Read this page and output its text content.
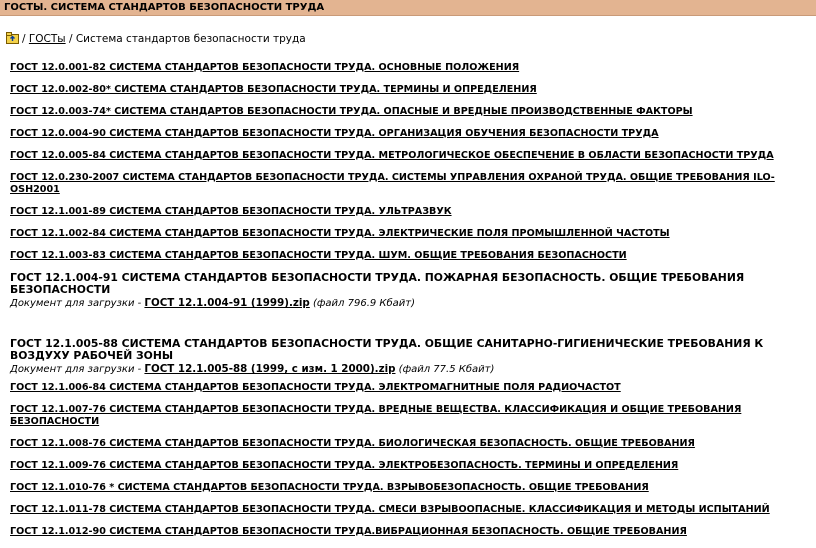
ГОСТЫ. СИСТЕМА СТАНДАРТОВ БЕЗОПАСНОСТИ ТРУДА
/ ГОСТы / Система стандартов безопасности труда
ГОСТ 12.0.001-82 СИСТЕМА СТАНДАРТОВ БЕЗОПАСНОСТИ ТРУДА. ОСНОВНЫЕ ПОЛОЖЕНИЯ
ГОСТ 12.0.002-80* СИСТЕМА СТАНДАРТОВ БЕЗОПАСНОСТИ ТРУДА. ТЕРМИНЫ И ОПРЕДЕЛЕНИЯ
ГОСТ 12.0.003-74* СИСТЕМА СТАНДАРТОВ БЕЗОПАСНОСТИ ТРУДА. ОПАСНЫЕ И ВРЕДНЫЕ ПРОИЗВОДСТВЕННЫЕ ФАКТОРЫ
ГОСТ 12.0.004-90 СИСТЕМА СТАНДАРТОВ БЕЗОПАСНОСТИ ТРУДА. ОРГАНИЗАЦИЯ ОБУЧЕНИЯ БЕЗОПАСНОСТИ ТРУДА
ГОСТ 12.0.005-84 СИСТЕМА СТАНДАРТОВ БЕЗОПАСНОСТИ ТРУДА. МЕТРОЛОГИЧЕСКОЕ ОБЕСПЕЧЕНИЕ В ОБЛАСТИ БЕЗОПАСНОСТИ ТРУДА
ГОСТ 12.0.230-2007 СИСТЕМА СТАНДАРТОВ БЕЗОПАСНОСТИ ТРУДА. СИСТЕМЫ УПРАВЛЕНИЯ ОХРАНОЙ ТРУДА. ОБЩИЕ ТРЕБОВАНИЯ ILO-OSH2001
ГОСТ 12.1.001-89 СИСТЕМА СТАНДАРТОВ БЕЗОПАСНОСТИ ТРУДА. УЛЬТРАЗВУК
ГОСТ 12.1.002-84 СИСТЕМА СТАНДАРТОВ БЕЗОПАСНОСТИ ТРУДА. ЭЛЕКТРИЧЕСКИЕ ПОЛЯ ПРОМЫШЛЕННОЙ ЧАСТОТЫ
ГОСТ 12.1.003-83 СИСТЕМА СТАНДАРТОВ БЕЗОПАСНОСТИ ТРУДА. ШУМ. ОБЩИЕ ТРЕБОВАНИЯ БЕЗОПАСНОСТИ
ГОСТ 12.1.004-91 СИСТЕМА СТАНДАРТОВ БЕЗОПАСНОСТИ ТРУДА. ПОЖАРНАЯ БЕЗОПАСНОСТЬ. ОБЩИЕ ТРЕБОВАНИЯ БЕЗОПАСНОСТИ
Документ для загрузки - ГОСТ 12.1.004-91 (1999).zip (файл 796.9 Кбайт)
ГОСТ 12.1.005-88 СИСТЕМА СТАНДАРТОВ БЕЗОПАСНОСТИ ТРУДА. ОБЩИЕ САНИТАРНО-ГИГИЕНИЧЕСКИЕ ТРЕБОВАНИЯ К ВОЗДУХУ РАБОЧЕЙ ЗОНЫ
Документ для загрузки - ГОСТ 12.1.005-88 (1999, с изм. 1 2000).zip (файл 77.5 Кбайт)
ГОСТ 12.1.006-84 СИСТЕМА СТАНДАРТОВ БЕЗОПАСНОСТИ ТРУДА. ЭЛЕКТРОМАГНИТНЫЕ ПОЛЯ РАДИОЧАСТОТ
ГОСТ 12.1.007-76 СИСТЕМА СТАНДАРТОВ БЕЗОПАСНОСТИ ТРУДА. ВРЕДНЫЕ ВЕЩЕСТВА. КЛАССИФИКАЦИЯ И ОБЩИЕ ТРЕБОВАНИЯ БЕЗОПАСНОСТИ
ГОСТ 12.1.008-76 СИСТЕМА СТАНДАРТОВ БЕЗОПАСНОСТИ ТРУДА. БИОЛОГИЧЕСКАЯ БЕЗОПАСНОСТЬ. ОБЩИЕ ТРЕБОВАНИЯ
ГОСТ 12.1.009-76 СИСТЕМА СТАНДАРТОВ БЕЗОПАСНОСТИ ТРУДА. ЭЛЕКТРОБЕЗОПАСНОСТЬ. ТЕРМИНЫ И ОПРЕДЕЛЕНИЯ
ГОСТ 12.1.010-76 * СИСТЕМА СТАНДАРТОВ БЕЗОПАСНОСТИ ТРУДА. ВЗРЫВОБЕЗОПАСНОСТЬ. ОБЩИЕ ТРЕБОВАНИЯ
ГОСТ 12.1.011-78 СИСТЕМА СТАНДАРТОВ БЕЗОПАСНОСТИ ТРУДА. СМЕСИ ВЗРЫВООПАСНЫЕ. КЛАССИФИКАЦИЯ И МЕТОДЫ ИСПЫТАНИЙ
ГОСТ 12.1.012-90 СИСТЕМА СТАНДАРТОВ БЕЗОПАСНОСТИ ТРУДА.ВИБРАЦИОННАЯ БЕЗОПАСНОСТЬ. ОБЩИЕ ТРЕБОВАНИЯ
